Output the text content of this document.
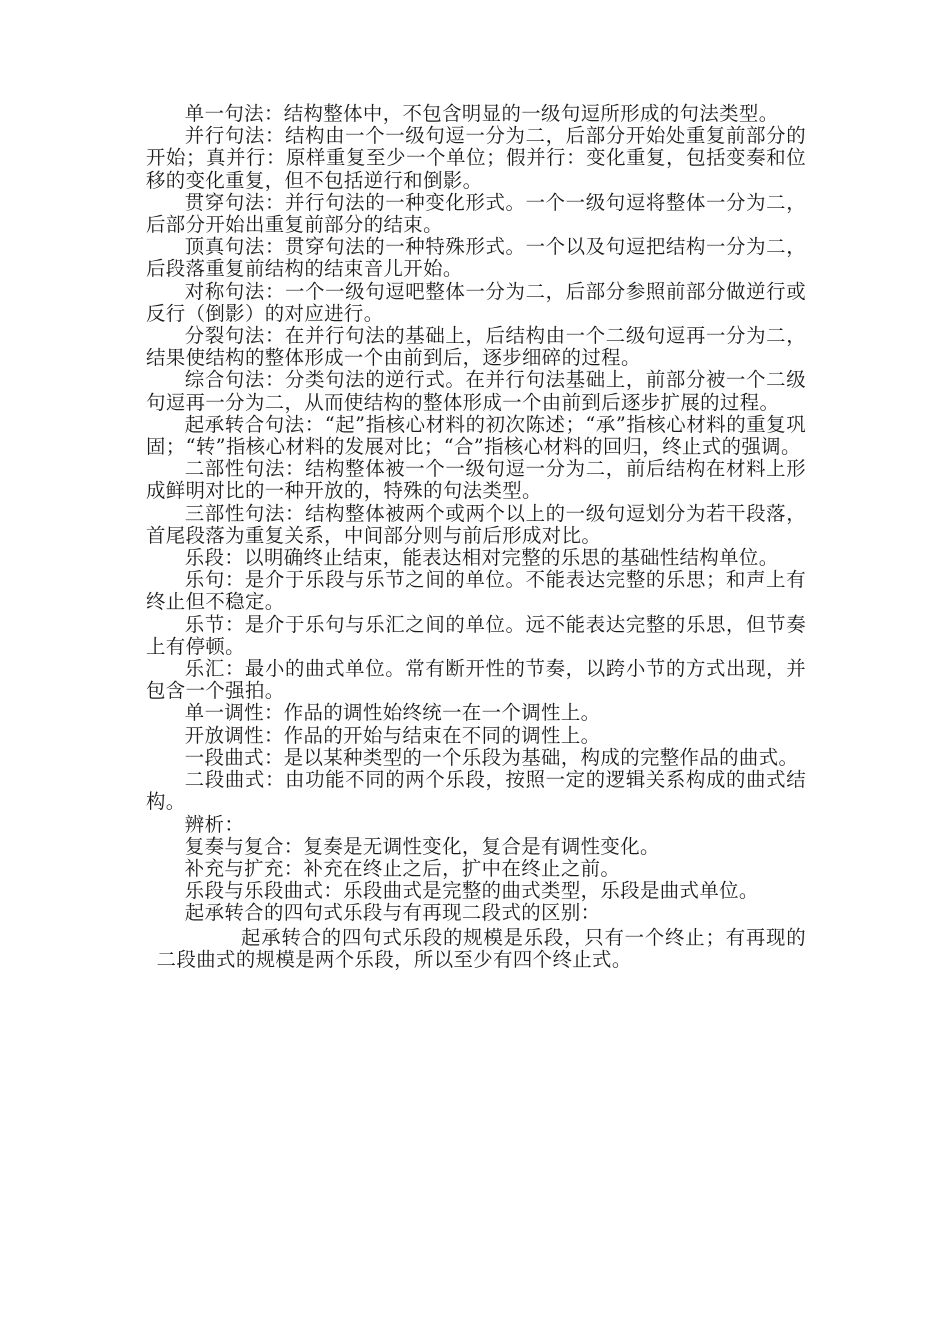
单一句法：结构整体中，不包含明显的一级句逗所形成的句法类型。

并行句法：结构由一个一级句逗一分为二，后部分开始处重复前部分的开始；真并行：原样重复至少一个单位；假并行：变化重复，包括变奏和位移的变化重复，但不包括逆行和倒影。

贯穿句法：并行句法的一种变化形式。一个一级句逗将整体一分为二，后部分开始出重复前部分的结束。

顶真句法：贯穿句法的一种特殊形式。一个以及句逗把结构一分为二，后段落重复前结构的结束音儿开始。

对称句法：一个一级句逗吧整体一分为二，后部分参照前部分做逆行或反行（倒影）的对应进行。

分裂句法：在并行句法的基础上，后结构由一个二级句逗再一分为二，结果使结构的整体形成一个由前到后，逐步细碎的过程。

综合句法：分类句法的逆行式。在并行句法基础上，前部分被一个二级句逗再一分为二，从而使结构的整体形成一个由前到后逐步扩展的过程。

起承转合句法：“起”指核心材料的初次陈述；“承”指核心材料的重复巩固；“转”指核心材料的发展对比；“合”指核心材料的回归，终止式的强调。

二部性句法：结构整体被一个一级句逗一分为二，前后结构在材料上形成鲜明对比的一种开放的，特殊的句法类型。

三部性句法：结构整体被两个或两个以上的一级句逗划分为若干段落，首尾段落为重复关系，中间部分则与前后形成对比。

乐段：以明确终止结束，能表达相对完整的乐思的基础性结构单位。

乐句：是介于乐段与乐节之间的单位。不能表达完整的乐思；和声上有终止但不稳定。

乐节：是介于乐句与乐汇之间的单位。远不能表达完整的乐思，但节奏上有停顿。

乐汇：最小的曲式单位。常有断开性的节奏，以跨小节的方式出现，并包含一个强拍。

单一调性：作品的调性始终统一在一个调性上。

开放调性：作品的开始与结束在不同的调性上。

一段曲式：是以某种类型的一个乐段为基础，构成的完整作品的曲式。

二段曲式：由功能不同的两个乐段，按照一定的逻辑关系构成的曲式结构。

辨析：

复奏与复合：复奏是无调性变化，复合是有调性变化。

补充与扩充：补充在终止之后，扩中在终止之前。

乐段与乐段曲式：乐段曲式是完整的曲式类型，乐段是曲式单位。

起承转合的四句式乐段与有再现二段式的区别：

起承转合的四句式乐段的规模是乐段，只有一个终止；有再现的二段曲式的规模是两个乐段，所以至少有四个终止式。
